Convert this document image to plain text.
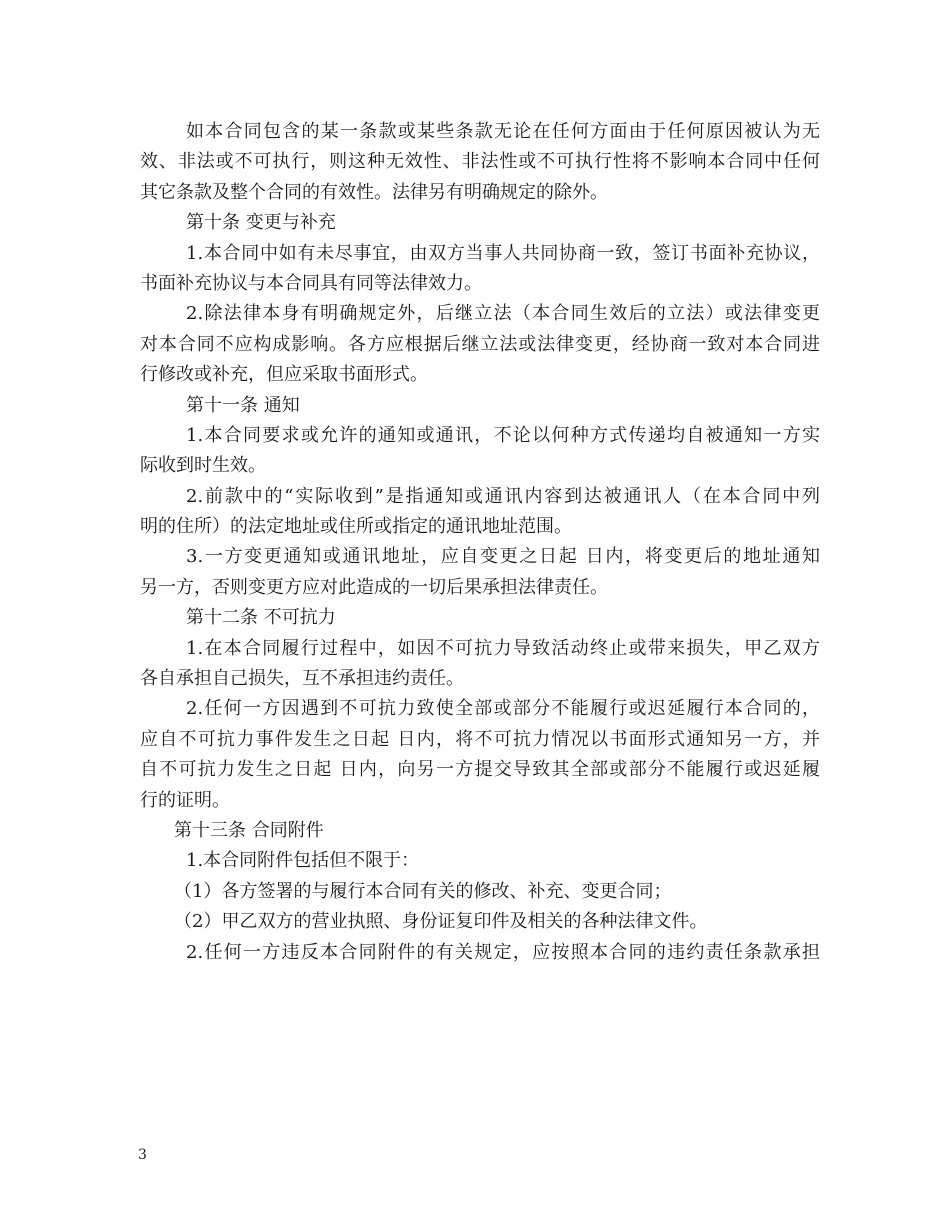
如本合同包含的某一条款或某些条款无论在任何方面由于任何原因被认为无
效、非法或不可执行，则这种无效性、非法性或不可执行性将不影响本合同中任何
其它条款及整个合同的有效性。法律另有明确规定的除外。
第十条 变更与补充
1.本合同中如有未尽事宜，由双方当事人共同协商一致，签订书面补充协议，
书面补充协议与本合同具有同等法律效力。
2.除法律本身有明确规定外，后继立法（本合同生效后的立法）或法律变更
对本合同不应构成影响。各方应根据后继立法或法律变更，经协商一致对本合同进
行修改或补充，但应采取书面形式。
第十一条 通知
1.本合同要求或允许的通知或通讯，不论以何种方式传递均自被通知一方实
际收到时生效。
2.前款中的“实际收到”是指通知或通讯内容到达被通讯人（在本合同中列
明的住所）的法定地址或住所或指定的通讯地址范围。
3.一方变更通知或通讯地址，应自变更之日起 日内，将变更后的地址通知
另一方，否则变更方应对此造成的一切后果承担法律责任。
第十二条 不可抗力
1.在本合同履行过程中，如因不可抗力导致活动终止或带来损失，甲乙双方
各自承担自己损失，互不承担违约责任。
2.任何一方因遇到不可抗力致使全部或部分不能履行或迟延履行本合同的，
应自不可抗力事件发生之日起 日内，将不可抗力情况以书面形式通知另一方，并
自不可抗力发生之日起 日内，向另一方提交导致其全部或部分不能履行或迟延履
行的证明。
第十三条 合同附件
1.本合同附件包括但不限于：
（1）各方签署的与履行本合同有关的修改、补充、变更合同；
（2）甲乙双方的营业执照、身份证复印件及相关的各种法律文件。
2.任何一方违反本合同附件的有关规定，应按照本合同的违约责任条款承担
3
